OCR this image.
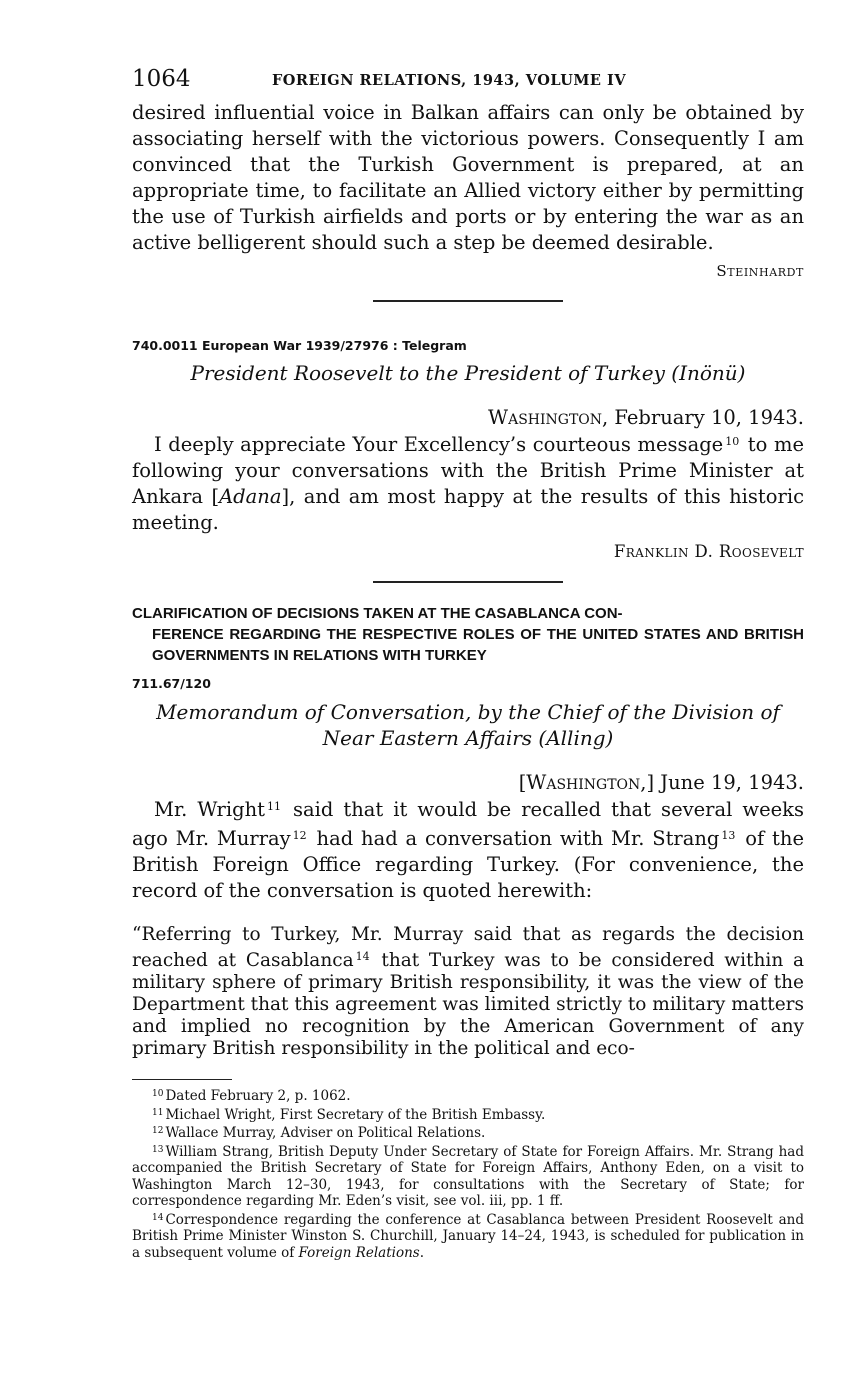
1064	FOREIGN RELATIONS, 1943, VOLUME IV

desired influential voice in Balkan affairs can only be obtained by associating herself with the victorious powers. Consequently I am convinced that the Turkish Government is prepared, at an appropriate time, to facilitate an Allied victory either by permitting the use of Turkish airfields and ports or by entering the war as an active belligerent should such a step be deemed desirable.

Steinhardt

740.0011 European War 1939/27976 : Telegram
President Roosevelt to the President of Turkey (Inönü)
Washington, February 10, 1943.

I deeply appreciate Your Excellency’s courteous message $^{10}$ to me following your conversations with the British Prime Minister at Ankara [Adana], and am most happy at the results of this historic meeting.

Franklin D. Roosevelt

CLARIFICATION OF DECISIONS TAKEN AT THE CASABLANCA CON-
FERENCE REGARDING THE RESPECTIVE ROLES OF THE UNITED STATES AND BRITISH GOVERNMENTS IN RELATIONS WITH TURKEY
711.67/120
Memorandum of Conversation, by the Chief of the Division of Near Eastern Affairs (Alling)
[Washington,] June 19, 1943.

Mr. Wright $^{11}$ said that it would be recalled that several weeks ago Mr. Murray $^{12}$ had had a conversation with Mr. Strang $^{13}$ of the British Foreign Office regarding Turkey. (For convenience, the record of the conversation is quoted herewith:

“Referring to Turkey, Mr. Murray said that as regards the decision reached at Casablanca $^{14}$ that Turkey was to be considered within a military sphere of primary British responsibility, it was the view of the Department that this agreement was limited strictly to military matters and implied no recognition by the American Government of any primary British responsibility in the political and eco-

$^{10}$ Dated February 2, p. 1062.

$^{11}$ Michael Wright, First Secretary of the British Embassy.

$^{12}$ Wallace Murray, Adviser on Political Relations.

$^{13}$ William Strang, British Deputy Under Secretary of State for Foreign Affairs. Mr. Strang had accompanied the British Secretary of State for Foreign Affairs, Anthony Eden, on a visit to Washington March 12–30, 1943, for consultations with the Secretary of State; for correspondence regarding Mr. Eden’s visit, see vol. iii, pp. 1 ff.

$^{14}$ Correspondence regarding the conference at Casablanca between President Roosevelt and British Prime Minister Winston S. Churchill, January 14–24, 1943, is scheduled for publication in a subsequent volume of Foreign Relations.
